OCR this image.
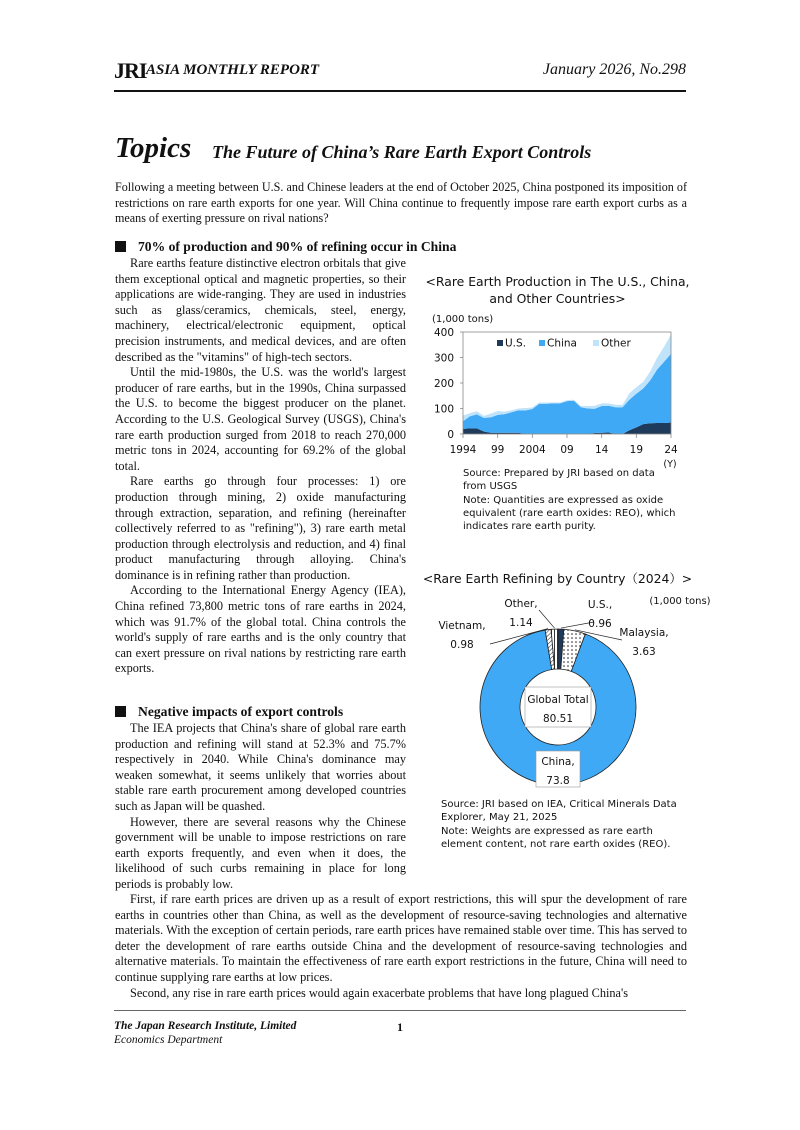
JRI ASIA MONTHLY REPORT	January 2026, No.298
Topics The Future of China’s Rare Earth Export Controls
Following a meeting between U.S. and Chinese leaders at the end of October 2025, China postponed its imposition of restrictions on rare earth exports for one year. Will China continue to frequently impose rare earth export curbs as a means of exerting pressure on rival nations?
70% of production and 90% of refining occur in China

Rare earths feature distinctive electron orbitals that give them exceptional optical and magnetic properties, so their applications are wide-ranging. They are used in industries such as glass/ceramics, chemicals, steel, energy, machinery, electrical/electronic equipment, optical precision instruments, and medical devices, and are often described as the "vitamins" of high-tech sectors.

Until the mid-1980s, the U.S. was the world's largest producer of rare earths, but in the 1990s, China surpassed the U.S. to become the biggest producer on the planet. According to the U.S. Geological Survey (USGS), China's rare earth production surged from 2018 to reach 270,000 metric tons in 2024, accounting for 69.2% of the global total.

Rare earths go through four processes: 1) ore production through mining, 2) oxide manufacturing through extraction, separation, and refining (hereinafter collectively referred to as "refining"), 3) rare earth metal production through electrolysis and reduction, and 4) final product manufacturing through alloying. China's dominance is in refining rather than production.

According to the International Energy Agency (IEA), China refined 73,800 metric tons of rare earths in 2024, which was 91.7% of the global total. China controls the world's supply of rare earths and is the only country that can exert pressure on rival nations by restricting rare earth exports.

Negative impacts of export controls

The IEA projects that China's share of global rare earth production and refining will stand at 52.3% and 75.7% respectively in 2040. While China's dominance may weaken somewhat, it seems unlikely that worries about stable rare earth procurement among developed countries such as Japan will be quashed.

However, there are several reasons why the Chinese government will be unable to impose restrictions on rare earth exports frequently, and even when it does, the likelihood of such curbs remaining in place for long periods is probably low.

First, if rare earth prices are driven up as a result of export restrictions, this will spur the development of rare earths in countries other than China, as well as the development of resource-saving technologies and alternative materials. With the exception of certain periods, rare earth prices have remained stable over time. This has served to deter the development of rare earths outside China and the development of resource-saving technologies and alternative materials. To maintain the effectiveness of rare earth export restrictions in the future, China will need to continue supplying rare earths at low prices.

Second, any rise in rare earth prices would again exacerbate problems that have long plagued China's

<Rare Earth Production in The U.S., China, and Other Countries>
(1,000 tons)
0
100
200
300
400
1994 99 2004 09 14 19 24
(Y)
U.S. China Other
Source: Prepared by JRI based on data from USGS
Note: Quantities are expressed as oxide equivalent (rare earth oxides: REO), which indicates rare earth purity.
<Rare Earth Refining by Country（2024）>
U.S.,
0.96
Malaysia,
3.63
Vietnam,
0.98
Other,
1.14
China,
73.8
Global Total
80.51
(1,000 tons)
Source: JRI based on IEA, Critical Minerals Data Explorer, May 21, 2025
Note: Weights are expressed as rare earth element content, not rare earth oxides (REO).
The Japan Research Institute, Limited
Economics Department
1
